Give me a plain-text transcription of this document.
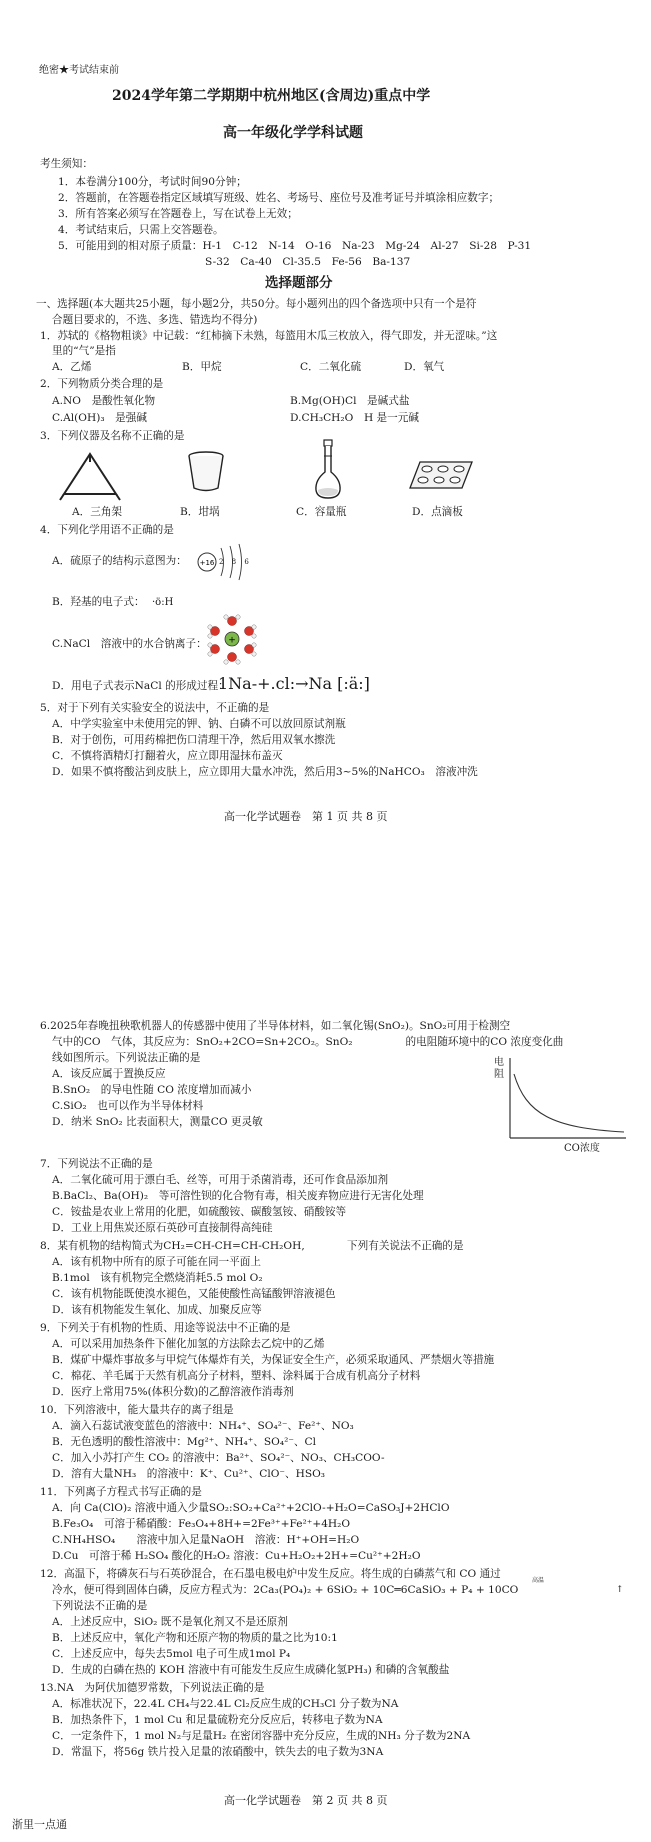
绝密★考试结束前
2024学年第二学期期中杭州地区(含周边)重点中学
高一年级化学学科试题
考生须知：
1．本卷满分100分，考试时间90分钟；
2．答题前，在答题卷指定区域填写班级、姓名、考场号、座位号及准考证号并填涂相应数字；
3．所有答案必须写在答题卷上，写在试卷上无效；
4．考试结束后，只需上交答题卷。
5．可能用到的相对原子质量：H-1　C-12　N-14　O-16　Na-23　Mg-24　Al-27　Si-28　P-31
S-32　Ca-40　Cl-35.5　Fe-56　Ba-137
选择题部分
一、选择题(本大题共25小题，每小题2分，共50分。每小题列出的四个备选项中只有一个是符
合题目要求的，不选、多选、错选均不得分)
1．苏轼的《格物粗谈》中记载：“红柿摘下未熟，每篮用木瓜三枚放入，得气即发，并无涩味。”这
里的“气”是指
A．乙烯	B．甲烷	C．二氧化硫	D．氧气
2．下列物质分类合理的是
A.NO　是酸性氧化物	B.Mg(OH)Cl　是碱式盐
C.Al(OH)₃　是强碱	D.CH₃CH₂O　H 是一元碱
3．下列仪器及名称不正确的是
A．三角架	B．坩埚	C．容量瓶	D．点滴板
4．下列化学用语不正确的是
A．硫原子的结构示意图为： +16 2 8 6
B．羟基的电子式： ·ö:H
C.NaCl　溶液中的水合钠离子： +
D．用电子式表示NaCl 的形成过程：
1Na-+.cl:→Na [:ä:]
5．对于下列有关实验安全的说法中，不正确的是
A．中学实验室中未使用完的钾、钠、白磷不可以放回原试剂瓶
B．对于创伤，可用药棉把伤口清理干净，然后用双氧水擦洗
C．不慎将酒精灯打翻着火，应立即用湿抹布盖灭
D．如果不慎将酸沾到皮肤上，应立即用大量水冲洗，然后用3~5%的NaHCO₃　溶液冲洗
高一化学试题卷　第 1 页 共 8 页
6.2025年春晚扭秧歌机器人的传感器中使用了半导体材料，如二氧化锡(SnO₂)。SnO₂可用于检测空
气中的CO　气体，其反应为：SnO₂+2CO=Sn+2CO₂。SnO₂　　　　　的电阻随环境中的CO 浓度变化曲
线如图所示。下列说法正确的是
A．该反应属于置换反应
B.SnO₂　的导电性随 CO 浓度增加而减小
C.SiO₂　也可以作为半导体材料
D．纳米 SnO₂ 比表面积大，测量CO 更灵敏
电
阻
CO浓度
7．下列说法不正确的是
A．二氧化硫可用于漂白毛、丝等，可用于杀菌消毒，还可作食品添加剂
B.BaCl₂、Ba(OH)₂　等可溶性钡的化合物有毒，相关废弃物应进行无害化处理
C．铵盐是农业上常用的化肥，如硫酸铵、碳酸氢铵、硝酸铵等
D．工业上用焦炭还原石英砂可直接制得高纯硅
8．某有机物的结构简式为CH₂=CH-CH=CH-CH₂OH,　　　　下列有关说法不正确的是
A．该有机物中所有的原子可能在同一平面上
B.1mol　该有机物完全燃烧消耗5.5 mol O₂
C．该有机物能既使溴水褪色，又能使酸性高锰酸钾溶液褪色
D．该有机物能发生氧化、加成、加聚反应等
9．下列关于有机物的性质、用途等说法中不正确的是
A．可以采用加热条件下催化加氢的方法除去乙烷中的乙烯
B．煤矿中爆炸事故多与甲烷气体爆炸有关，为保证安全生产，必须采取通风、严禁烟火等措施
C．棉花、羊毛属于天然有机高分子材料，塑料、涂料属于合成有机高分子材料
D．医疗上常用75%(体积分数)的乙醇溶液作消毒剂
10．下列溶液中，能大量共存的离子组是
A．滴入石蕊试液变蓝色的溶液中：NH₄⁺、SO₄²⁻、Fe²⁺、NO₃
B．无色透明的酸性溶液中：Mg²⁺、NH₄⁺、SO₄²⁻、Cl
C．加入小苏打产生 CO₂ 的溶液中：Ba²⁺、SO₄²⁻、NO₃、CH₃COO-
D．溶有大量NH₃　的溶液中：K⁺、Cu²⁺、ClO⁻、HSO₃
11．下列离子方程式书写正确的是
A．向 Ca(ClO)₂ 溶液中通入少量SO₂:SO₂+Ca²⁺+2ClO-+H₂O=CaSO₃J+2HClO
B.Fe₃O₄　可溶于稀硝酸：Fe₃O₄+8H+=2Fe³⁺+Fe²⁺+4H₂O
C.NH₄HSO₄　　溶液中加入足量NaOH　溶液：H⁺+OH=H₂O
D.Cu　可溶于稀 H₂SO₄ 酸化的H₂O₂ 溶液：Cu+H₂O₂+2H+=Cu²⁺+2H₂O
12．高温下，将磷灰石与石英砂混合，在石墨电极电炉中发生反应。将生成的白磷蒸气和 CO 通过
冷水，便可得到固体白磷，反应方程式为：2Ca₃(PO₄)₂ + 6SiO₂ + 10C═6CaSiO₃ + P₄ + 10CO
高温
↑
下列说法不正确的是
A．上述反应中，SiO₂ 既不是氧化剂又不是还原剂
B．上述反应中，氧化产物和还原产物的物质的量之比为10:1
C．上述反应中，每失去5mol 电子可生成1mol P₄
D．生成的白磷在热的 KOH 溶液中有可能发生反应生成磷化氢PH₃) 和磷的含氧酸盐
13.NA　为阿伏加德罗常数，下列说法正确的是
A．标准状况下，22.4L CH₄与22.4L Cl₂反应生成的CH₃Cl 分子数为NA
B．加热条件下，1 mol Cu 和足量硫粉充分反应后，转移电子数为NA
C．一定条件下，1 mol N₂与足量H₂ 在密闭容器中充分反应，生成的NH₃ 分子数为2NA
D．常温下，将56g 铁片投入足量的浓硝酸中，铁失去的电子数为3NA
高一化学试题卷　第 2 页 共 8 页
浙里一点通
